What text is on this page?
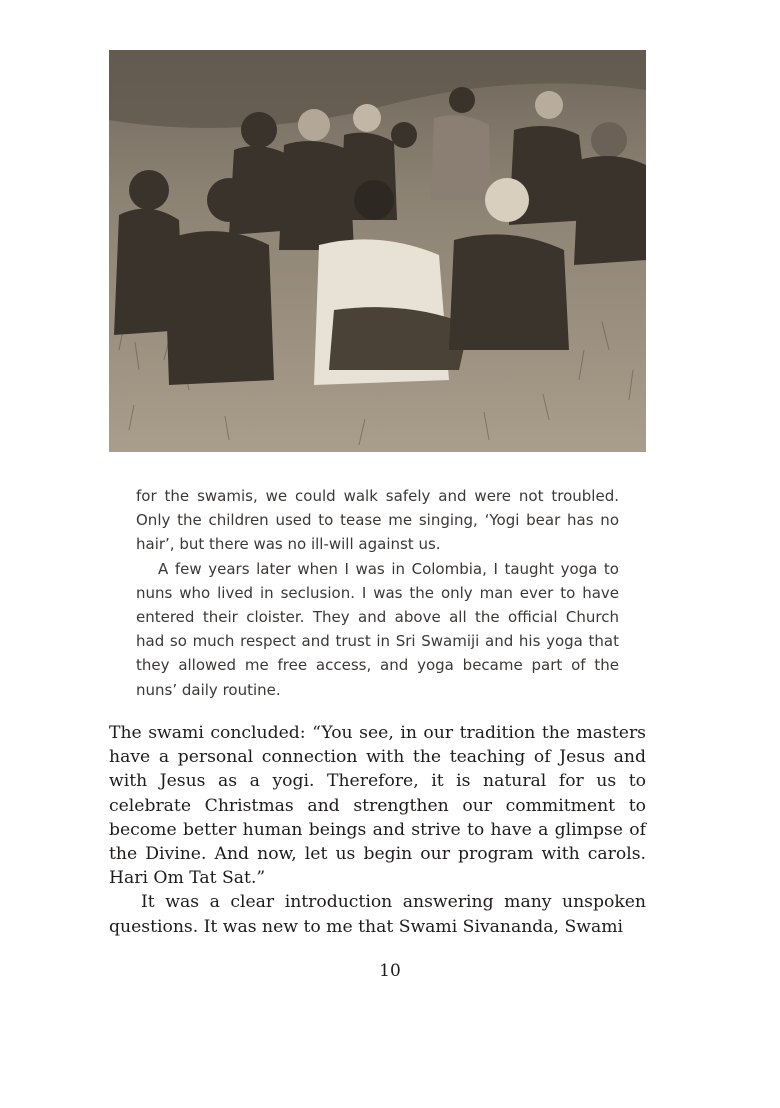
for the swamis, we could walk safely and were not troubled. Only the children used to tease me singing, ‘Yogi bear has no hair’, but there was no ill-will against us.

A few years later when I was in Colombia, I taught yoga to nuns who lived in seclusion. I was the only man ever to have entered their cloister. They and above all the official Church had so much respect and trust in Sri Swamiji and his yoga that they allowed me free access, and yoga became part of the nuns’ daily routine.

The swami concluded: “You see, in our tradition the masters have a personal connection with the teaching of Jesus and with Jesus as a yogi. Therefore, it is natural for us to celebrate Christmas and strengthen our commitment to become better human beings and strive to have a glimpse of the Divine. And now, let us begin our program with carols. Hari Om Tat Sat.”

It was a clear introduction answering many unspoken questions. It was new to me that Swami Sivananda, Swami

10
